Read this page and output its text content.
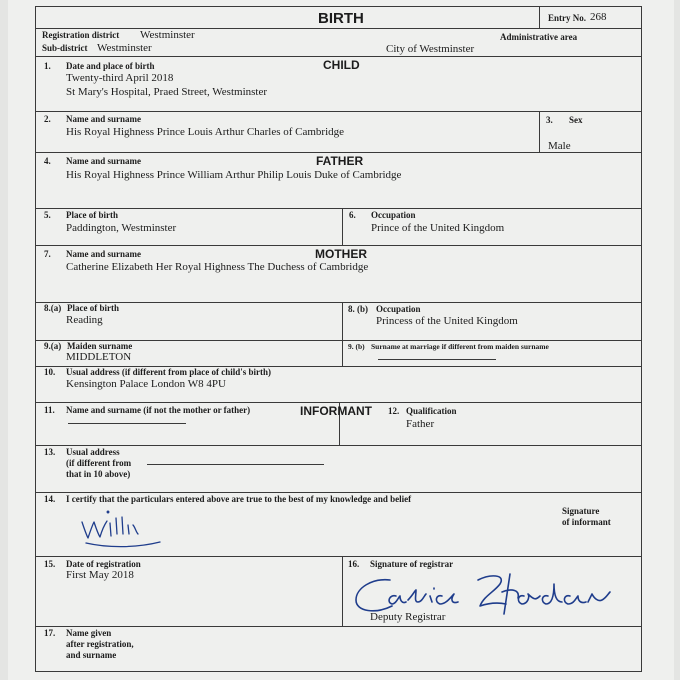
BIRTH	Entry No. 268
Registration district Westminster
Sub-district Westminster
Administrative area
City of Westminster
CHILD
1. Date and place of birth
Twenty-third April 2018
St Mary's Hospital, Praed Street, Westminster
2. Name and surname
His Royal Highness Prince Louis Arthur Charles of Cambridge
3. Sex
Male
FATHER
4. Name and surname
His Royal Highness Prince William Arthur Philip Louis Duke of Cambridge
5. Place of birth
Paddington, Westminster
6. Occupation
Prince of the United Kingdom
MOTHER
7. Name and surname
Catherine Elizabeth Her Royal Highness The Duchess of Cambridge
8.(a) Place of birth
Reading
8. (b) Occupation
Princess of the United Kingdom
9.(a) Maiden surname
MIDDLETON
9. (b) Surname at marriage if different from maiden surname
10. Usual address (if different from place of child's birth)
Kensington Palace London W8 4PU
INFORMANT
11. Name and surname (if not the mother or father)	12. Qualification
Father
13. Usual address
(if different from
that in 10 above)
14. I certify that the particulars entered above are true to the best of my knowledge and belief
Signature
of informant
15. Date of registration
First May 2018
16. Signature of registrar
Deputy Registrar
17. Name given
after registration,
and surname
